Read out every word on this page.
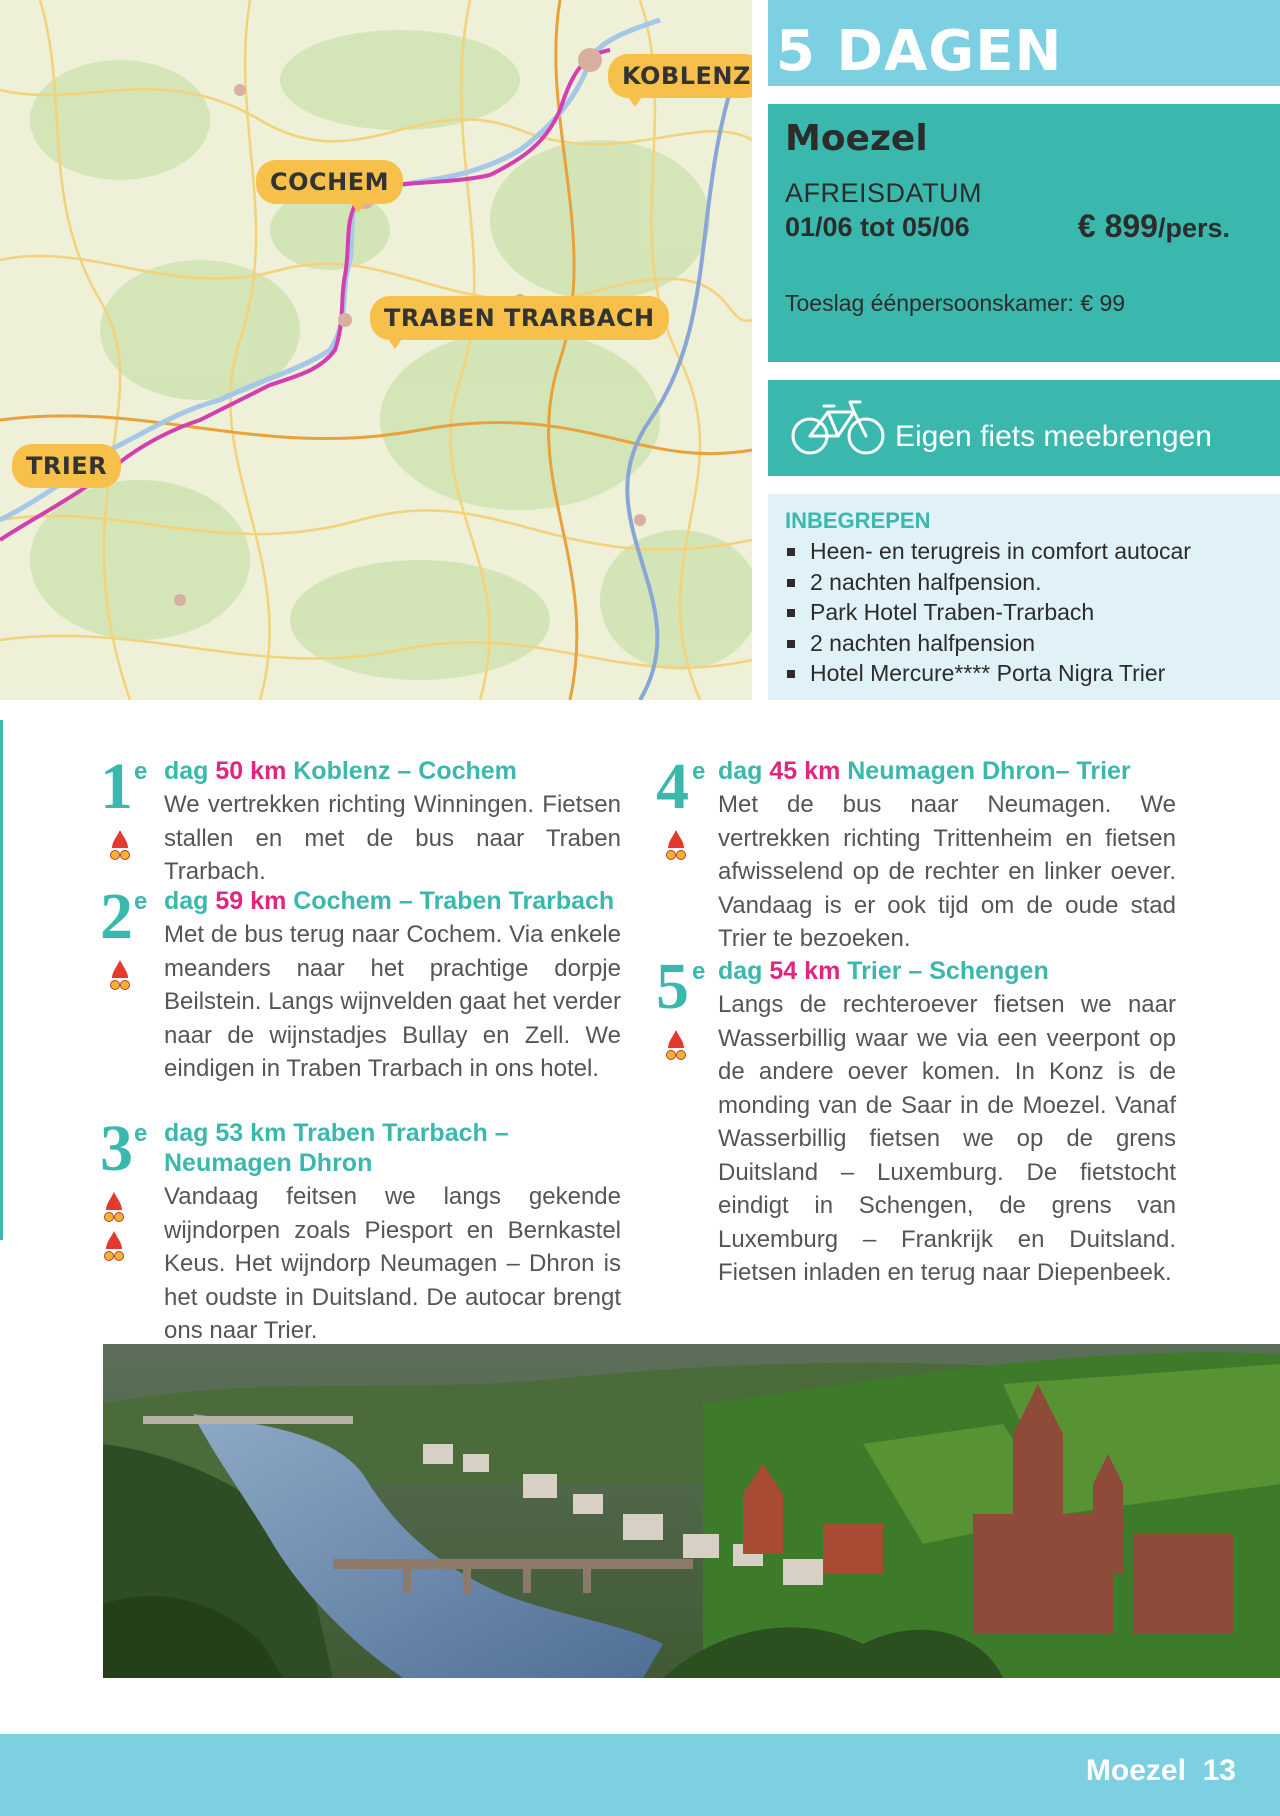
KOBLENZ
COCHEM
TRABEN TRARBACH
TRIER
5 DAGEN
Moezel
AFREISDATUM
01/06 tot 05/06	€ 899/pers.
Toeslag éénpersoonskamer: € 99
Eigen fiets meebrengen
INBEGREPEN
Heen- en terugreis in comfort autocar
2 nachten halfpension.
Park Hotel Traben-Trarbach
2 nachten halfpension
Hotel Mercure**** Porta Nigra Trier
1 e dag 50 km Koblenz – Cochem
We vertrekken richting Winningen. Fietsen stallen en met de bus naar Traben Trarbach.
2 e dag 59 km Cochem – Traben Trarbach
Met de bus terug naar Cochem. Via enkele meanders naar het prachtige dorpje Beilstein. Langs wijnvelden gaat het verder naar de wijnstadjes Bullay en Zell. We eindigen in Traben Trarbach in ons hotel.
3 e dag 53 km Traben Trarbach – Neumagen Dhron
Vandaag feitsen we langs gekende wijndorpen zoals Piesport en Bernkastel Keus. Het wijndorp Neumagen – Dhron is het oudste in Duitsland. De autocar brengt ons naar Trier.
4 e dag 45 km Neumagen Dhron– Trier
Met de bus naar Neumagen. We vertrekken richting Trittenheim en fietsen afwisselend op de rechter en linker oever. Vandaag is er ook tijd om de oude stad Trier te bezoeken.
5 e dag 54 km Trier – Schengen
Langs de rechteroever fietsen we naar Wasserbillig waar we via een veerpont op de andere oever komen. In Konz is de monding van de Saar in de Moezel. Vanaf Wasserbillig fietsen we op de grens Duitsland – Luxemburg. De fietstocht eindigt in Schengen, de grens van Luxemburg – Frankrijk en Duitsland. Fietsen inladen en terug naar Diepenbeek.
Moezel 13
